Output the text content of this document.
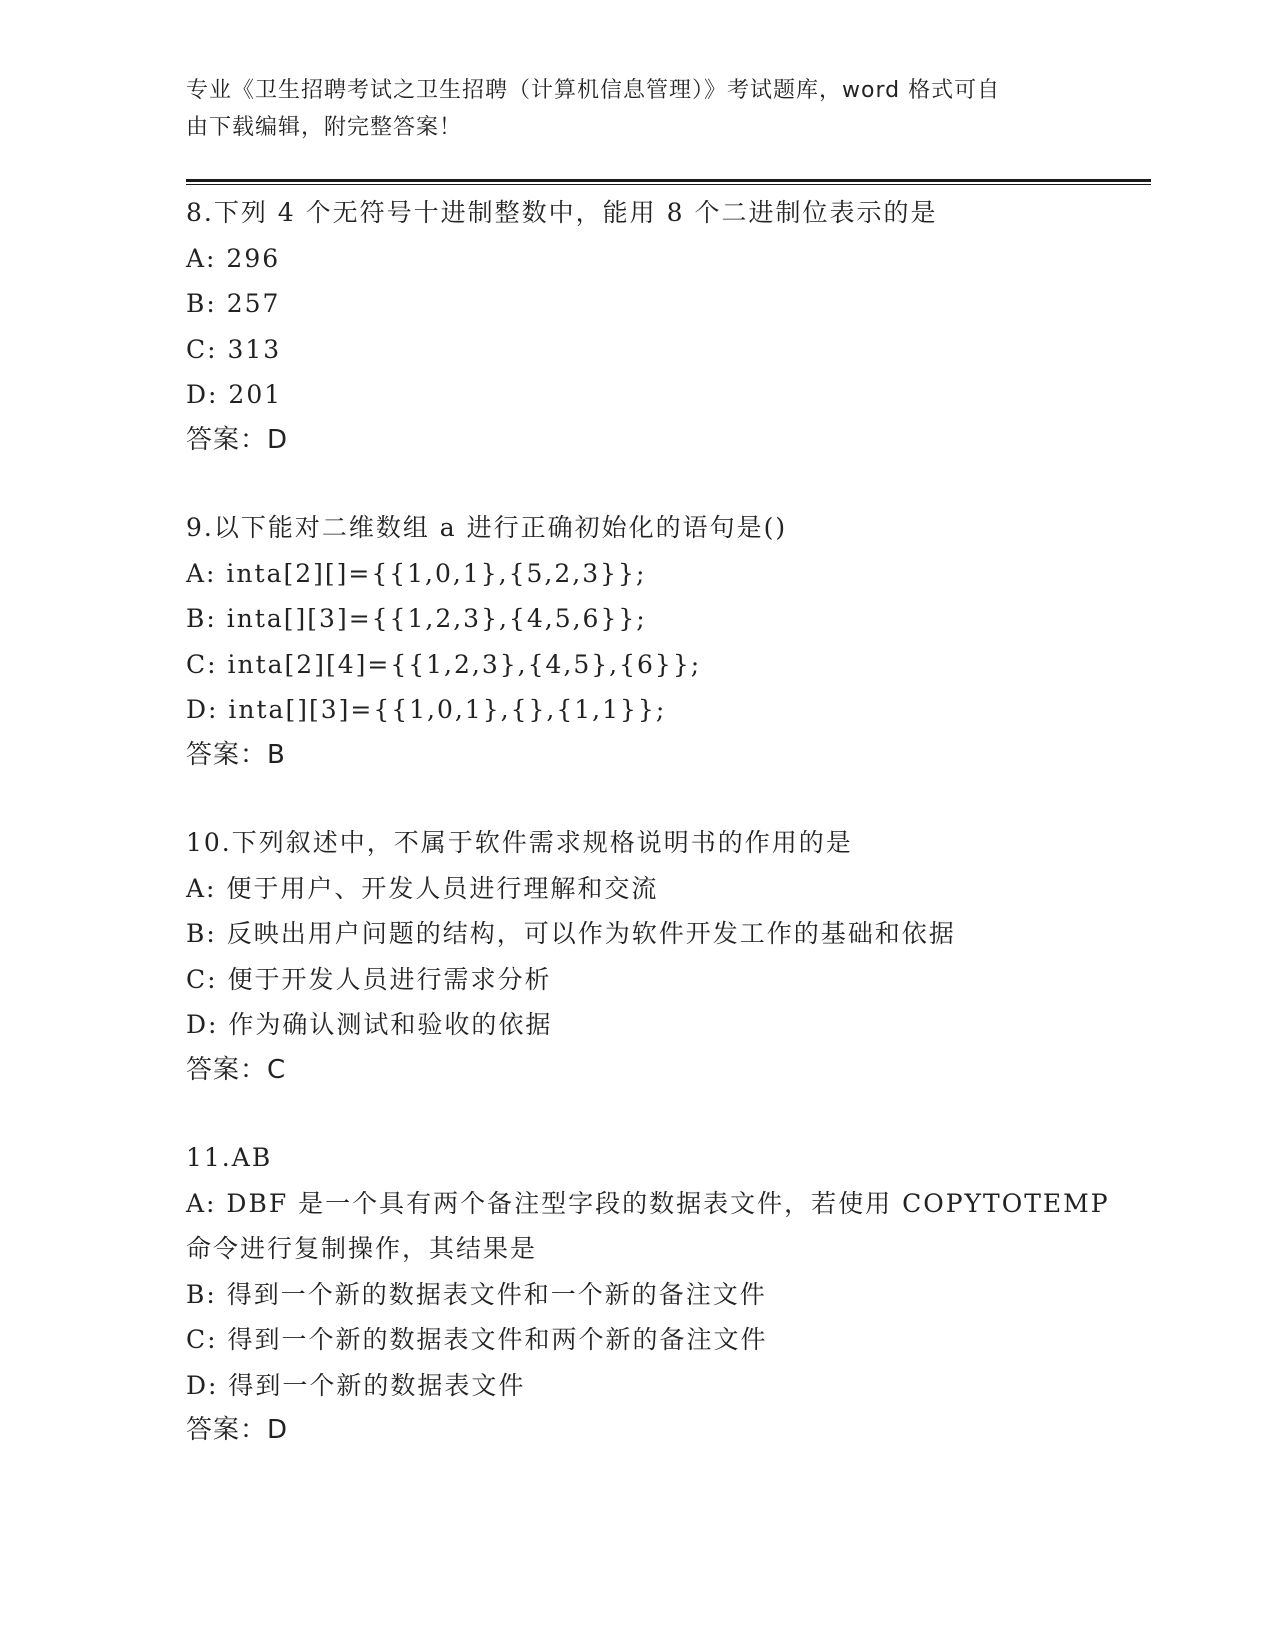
专业《卫生招聘考试之卫生招聘（计算机信息管理）》考试题库，word 格式可自
由下载编辑，附完整答案！
8.下列 4 个无符号十进制整数中，能用 8 个二进制位表示的是
A: 296
B: 257
C: 313
D: 201
答案：D
9.以下能对二维数组 a 进行正确初始化的语句是()
A: inta[2][]={{1,0,1},{5,2,3}};
B: inta[][3]={{1,2,3},{4,5,6}};
C: inta[2][4]={{1,2,3},{4,5},{6}};
D: inta[][3]={{1,0,1},{},{1,1}};
答案：B
10.下列叙述中，不属于软件需求规格说明书的作用的是
A: 便于用户、开发人员进行理解和交流
B: 反映出用户问题的结构，可以作为软件开发工作的基础和依据
C: 便于开发人员进行需求分析
D: 作为确认测试和验收的依据
答案：C
11.AB
A: DBF 是一个具有两个备注型字段的数据表文件，若使用 COPYTOTEMP
命令进行复制操作，其结果是
B: 得到一个新的数据表文件和一个新的备注文件
C: 得到一个新的数据表文件和两个新的备注文件
D: 得到一个新的数据表文件
答案：D
